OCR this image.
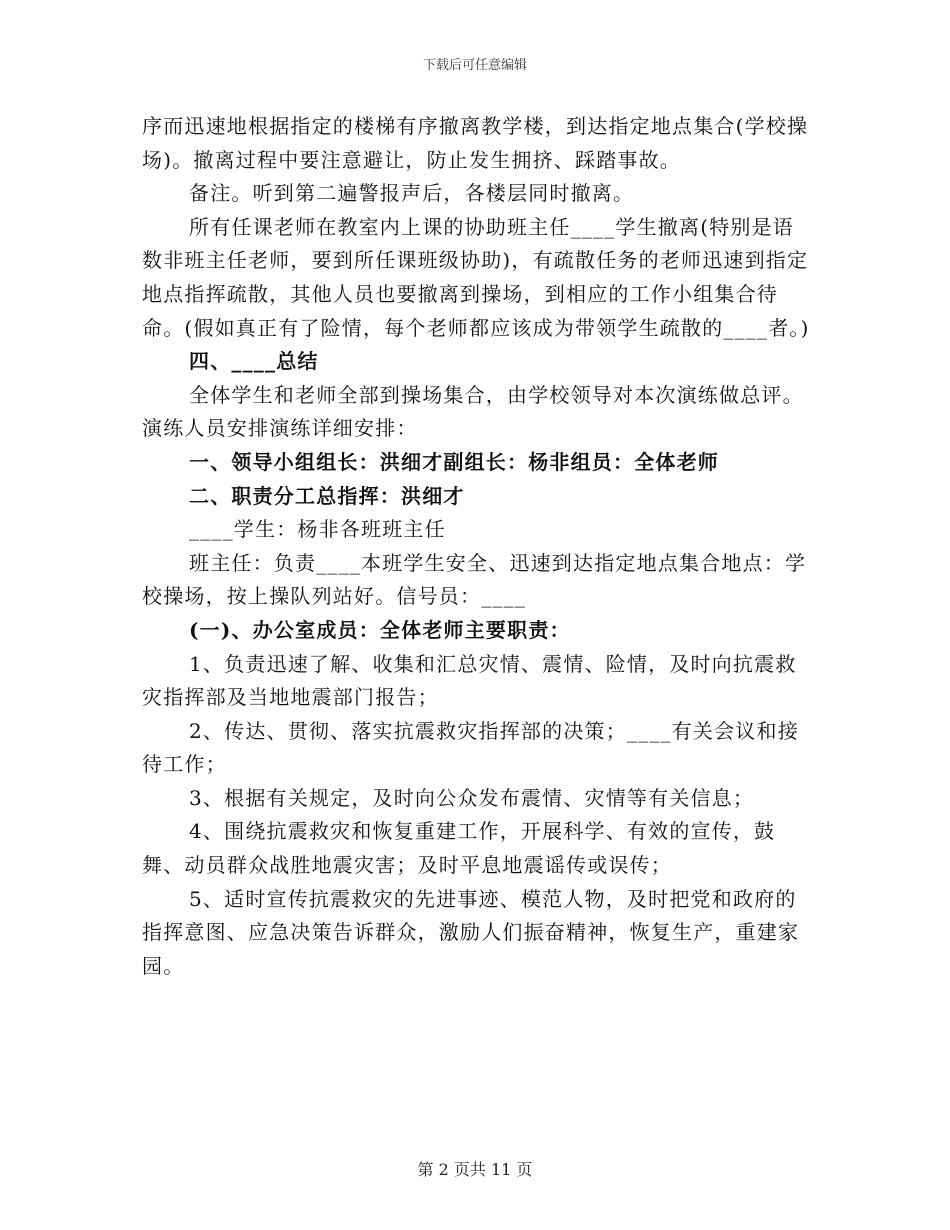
下载后可任意编辑

序而迅速地根据指定的楼梯有序撤离教学楼，到达指定地点集合(学校操场)。撤离过程中要注意避让，防止发生拥挤、踩踏事故。

备注。听到第二遍警报声后，各楼层同时撤离。

所有任课老师在教室内上课的协助班主任____学生撤离(特别是语数非班主任老师，要到所任课班级协助)，有疏散任务的老师迅速到指定地点指挥疏散，其他人员也要撤离到操场，到相应的工作小组集合待命。(假如真正有了险情，每个老师都应该成为带领学生疏散的____者。)

四、____总结

全体学生和老师全部到操场集合，由学校领导对本次演练做总评。演练人员安排演练详细安排：

一、领导小组组长：洪细才副组长：杨非组员：全体老师

二、职责分工总指挥：洪细才

____学生：杨非各班班主任

班主任：负责____本班学生安全、迅速到达指定地点集合地点：学校操场，按上操队列站好。信号员：____

(一)、办公室成员：全体老师主要职责：

1、负责迅速了解、收集和汇总灾情、震情、险情，及时向抗震救灾指挥部及当地地震部门报告；

2、传达、贯彻、落实抗震救灾指挥部的决策；____有关会议和接待工作；

3、根据有关规定，及时向公众发布震情、灾情等有关信息；

4、围绕抗震救灾和恢复重建工作，开展科学、有效的宣传，鼓舞、动员群众战胜地震灾害；及时平息地震谣传或误传；

5、适时宣传抗震救灾的先进事迹、模范人物，及时把党和政府的指挥意图、应急决策告诉群众，激励人们振奋精神，恢复生产，重建家园。

第 2 页共 11 页
